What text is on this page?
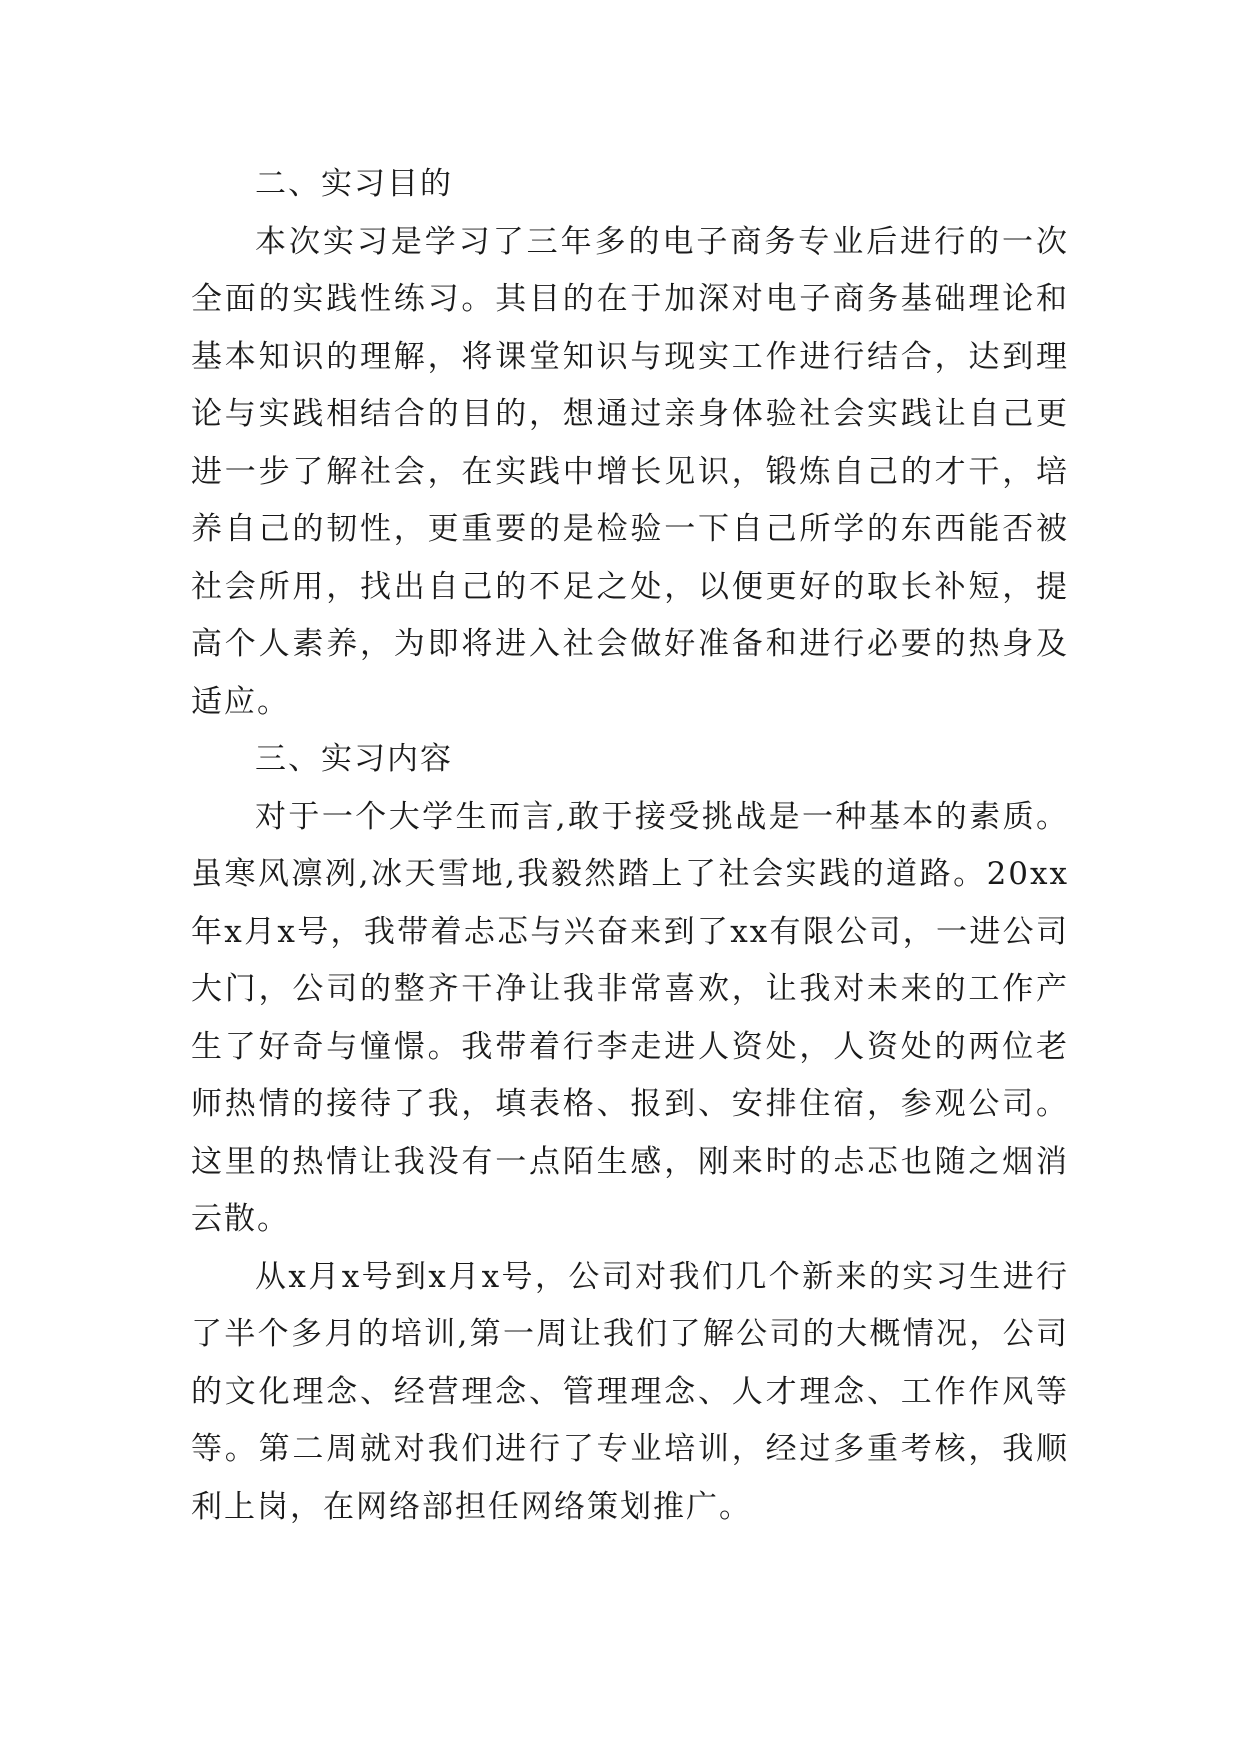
二、实习目的

本次实习是学习了三年多的电子商务专业后进行的一次全面的实践性练习。其目的在于加深对电子商务基础理论和基本知识的理解，将课堂知识与现实工作进行结合，达到理论与实践相结合的目的，想通过亲身体验社会实践让自己更进一步了解社会，在实践中增长见识，锻炼自己的才干，培养自己的韧性，更重要的是检验一下自己所学的东西能否被社会所用，找出自己的不足之处，以便更好的取长补短，提高个人素养，为即将进入社会做好准备和进行必要的热身及适应。

三、实习内容

对于一个大学生而言,敢于接受挑战是一种基本的素质。虽寒风凛冽,冰天雪地,我毅然踏上了社会实践的道路。20xx年x月x号，我带着忐忑与兴奋来到了xx有限公司，一进公司大门，公司的整齐干净让我非常喜欢，让我对未来的工作产生了好奇与憧憬。我带着行李走进人资处，人资处的两位老师热情的接待了我，填表格、报到、安排住宿，参观公司。这里的热情让我没有一点陌生感，刚来时的忐忑也随之烟消云散。

从x月x号到x月x号，公司对我们几个新来的实习生进行了半个多月的培训,第一周让我们了解公司的大概情况，公司的文化理念、经营理念、管理理念、人才理念、工作作风等等。第二周就对我们进行了专业培训，经过多重考核，我顺利上岗，在网络部担任网络策划推广。
